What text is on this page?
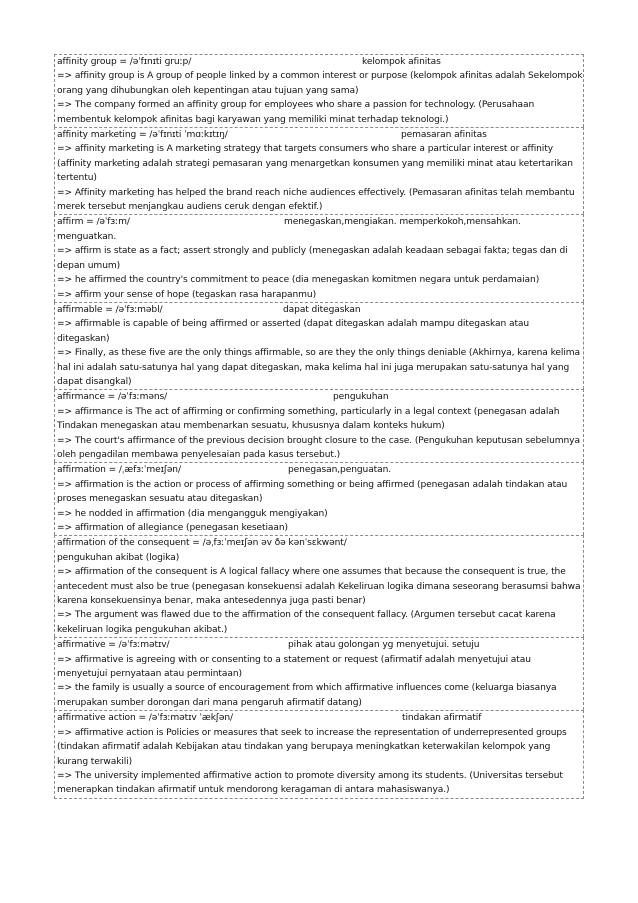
affinity group = /əˈfɪnɪti ɡruːp/	kelompok afinitas
=> affinity group is A group of people linked by a common interest or purpose (kelompok afinitas adalah Sekelompok orang yang dihubungkan oleh kepentingan atau tujuan yang sama)
=> The company formed an affinity group for employees who share a passion for technology. (Perusahaan membentuk kelompok afinitas bagi karyawan yang memiliki minat terhadap teknologi.)
affinity marketing = /əˈfɪnɪti ˈmɑːkɪtɪŋ/	pemasaran afinitas
=> affinity marketing is A marketing strategy that targets consumers who share a particular interest or affinity (affinity marketing adalah strategi pemasaran yang menargetkan konsumen yang memiliki minat atau ketertarikan tertentu)
=> Affinity marketing has helped the brand reach niche audiences effectively. (Pemasaran afinitas telah membantu merek tersebut menjangkau audiens ceruk dengan efektif.)
affirm = /əˈfɜːm/	menegaskan,mengiakan. memperkokoh,mensahkan.
menguatkan.
=> affirm is state as a fact; assert strongly and publicly (menegaskan adalah keadaan sebagai fakta; tegas dan di depan umum)
=> he affirmed the country's commitment to peace (dia menegaskan komitmen negara untuk perdamaian)
=> affirm your sense of hope (tegaskan rasa harapanmu)
affirmable = /əˈfɜːməbl/	dapat ditegaskan
=> affirmable is capable of being affirmed or asserted (dapat ditegaskan adalah mampu ditegaskan atau ditegaskan)
=> Finally, as these five are the only things affirmable, so are they the only things deniable (Akhirnya, karena kelima hal ini adalah satu-satunya hal yang dapat ditegaskan, maka kelima hal ini juga merupakan satu-satunya hal yang dapat disangkal)
affirmance = /əˈfɜːməns/	pengukuhan
=> affirmance is The act of affirming or confirming something, particularly in a legal context (penegasan adalah Tindakan menegaskan atau membenarkan sesuatu, khususnya dalam konteks hukum)
=> The court's affirmance of the previous decision brought closure to the case. (Pengukuhan keputusan sebelumnya oleh pengadilan membawa penyelesaian pada kasus tersebut.)
affirmation = /ˌæfɜːˈmeɪʃən/	penegasan,penguatan.
=> affirmation is the action or process of affirming something or being affirmed (penegasan adalah tindakan atau proses menegaskan sesuatu atau ditegaskan)
=> he nodded in affirmation (dia mengangguk mengiyakan)
=> affirmation of allegiance (penegasan kesetiaan)
affirmation of the consequent = /əˌfɜːˈmeɪʃən əv ðə kənˈsɛkwənt/
pengukuhan akibat (logika)
=> affirmation of the consequent is A logical fallacy where one assumes that because the consequent is true, the antecedent must also be true (penegasan konsekuensi adalah Kekeliruan logika dimana seseorang berasumsi bahwa karena konsekuensinya benar, maka antesedennya juga pasti benar)
=> The argument was flawed due to the affirmation of the consequent fallacy. (Argumen tersebut cacat karena kekeliruan logika pengukuhan akibat.)
affirmative = /əˈfɜːmətɪv/	pihak atau golongan yg menyetujui. setuju
=> affirmative is agreeing with or consenting to a statement or request (afirmatif adalah menyetujui atau menyetujui pernyataan atau permintaan)
=> the family is usually a source of encouragement from which affirmative influences come (keluarga biasanya
merupakan sumber dorongan dari mana pengaruh afirmatif datang)
affirmative action = /əˈfɜːmətɪv ˈækʃən/	tindakan afirmatif
=> affirmative action is Policies or measures that seek to increase the representation of underrepresented groups (tindakan afirmatif adalah Kebijakan atau tindakan yang berupaya meningkatkan keterwakilan kelompok yang kurang terwakili)
=> The university implemented affirmative action to promote diversity among its students. (Universitas tersebut menerapkan tindakan afirmatif untuk mendorong keragaman di antara mahasiswanya.)
